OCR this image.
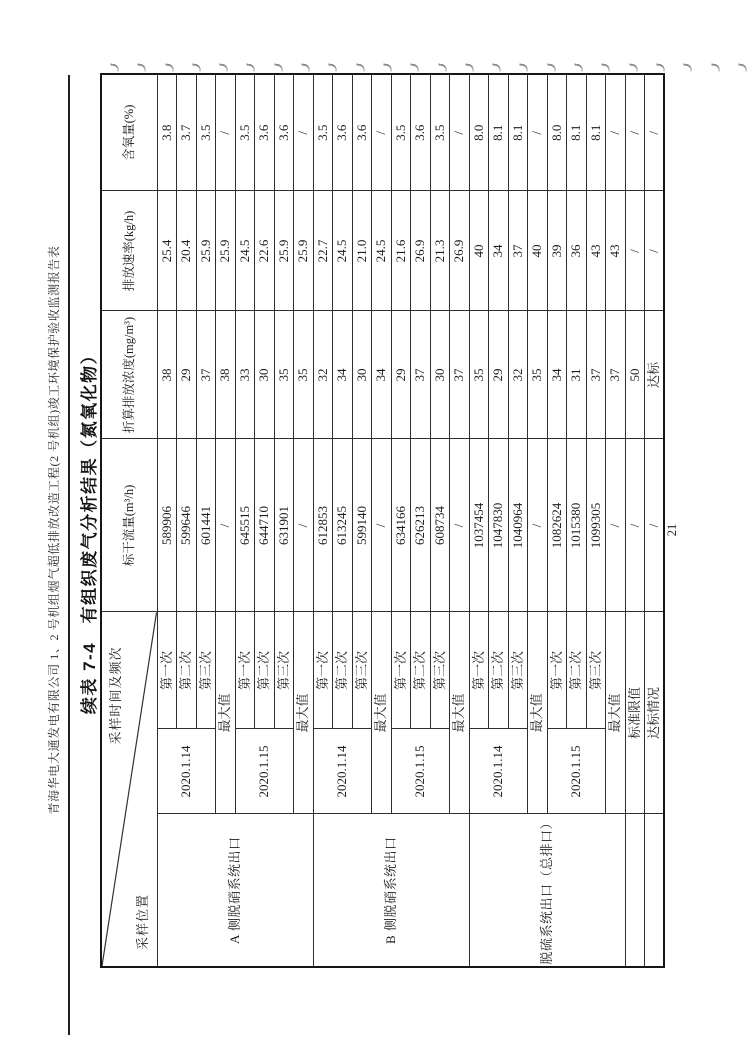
青海华电大通发电有限公司 1、2 号机组烟气超低排放改造工程(2 号机组)竣工环境保护验收监测报告表 续表 7-4　有组织废气分析结果（氮氧化物） 采样时间及频次
采样位置			标干流量(m³/h)	折算排放浓度(mg/m³)	排放速率(kg/h)	含氧量(%)
A 侧脱硝系统出口	2020.1.14	第一次	589906	38	25.4	3.8
		第二次	599646	29	20.4	3.7
		第三次	601441	37	25.9	3.5
	最大值		/	38	25.9	/
	2020.1.15	第一次	645515	33	24.5	3.5
		第二次	644710	30	22.6	3.6
		第三次	631901	35	25.9	3.6
	最大值		/	35	25.9	/
B 侧脱硝系统出口	2020.1.14	第一次	612853	32	22.7	3.5
		第二次	613245	34	24.5	3.6
		第三次	599140	30	21.0	3.6
	最大值		/	34	24.5	/
	2020.1.15	第一次	634166	29	21.6	3.5
		第二次	626213	37	26.9	3.6
		第三次	608734	30	21.3	3.5
	最大值		/	37	26.9	/
脱硫系统出口（总排口）	2020.1.14	第一次	1037454	35	40	8.0
		第二次	1047830	29	34	8.1
		第三次	1040964	32	37	8.1
	最大值		/	35	40	/
	2020.1.15	第一次	1082624	34	39	8.0
		第二次	1015380	31	36	8.1
		第三次	1099305	37	43	8.1
	最大值		/	37	43	/
	标准限值		/	50	/	/
	达标情况		/	达标	/	/
21
